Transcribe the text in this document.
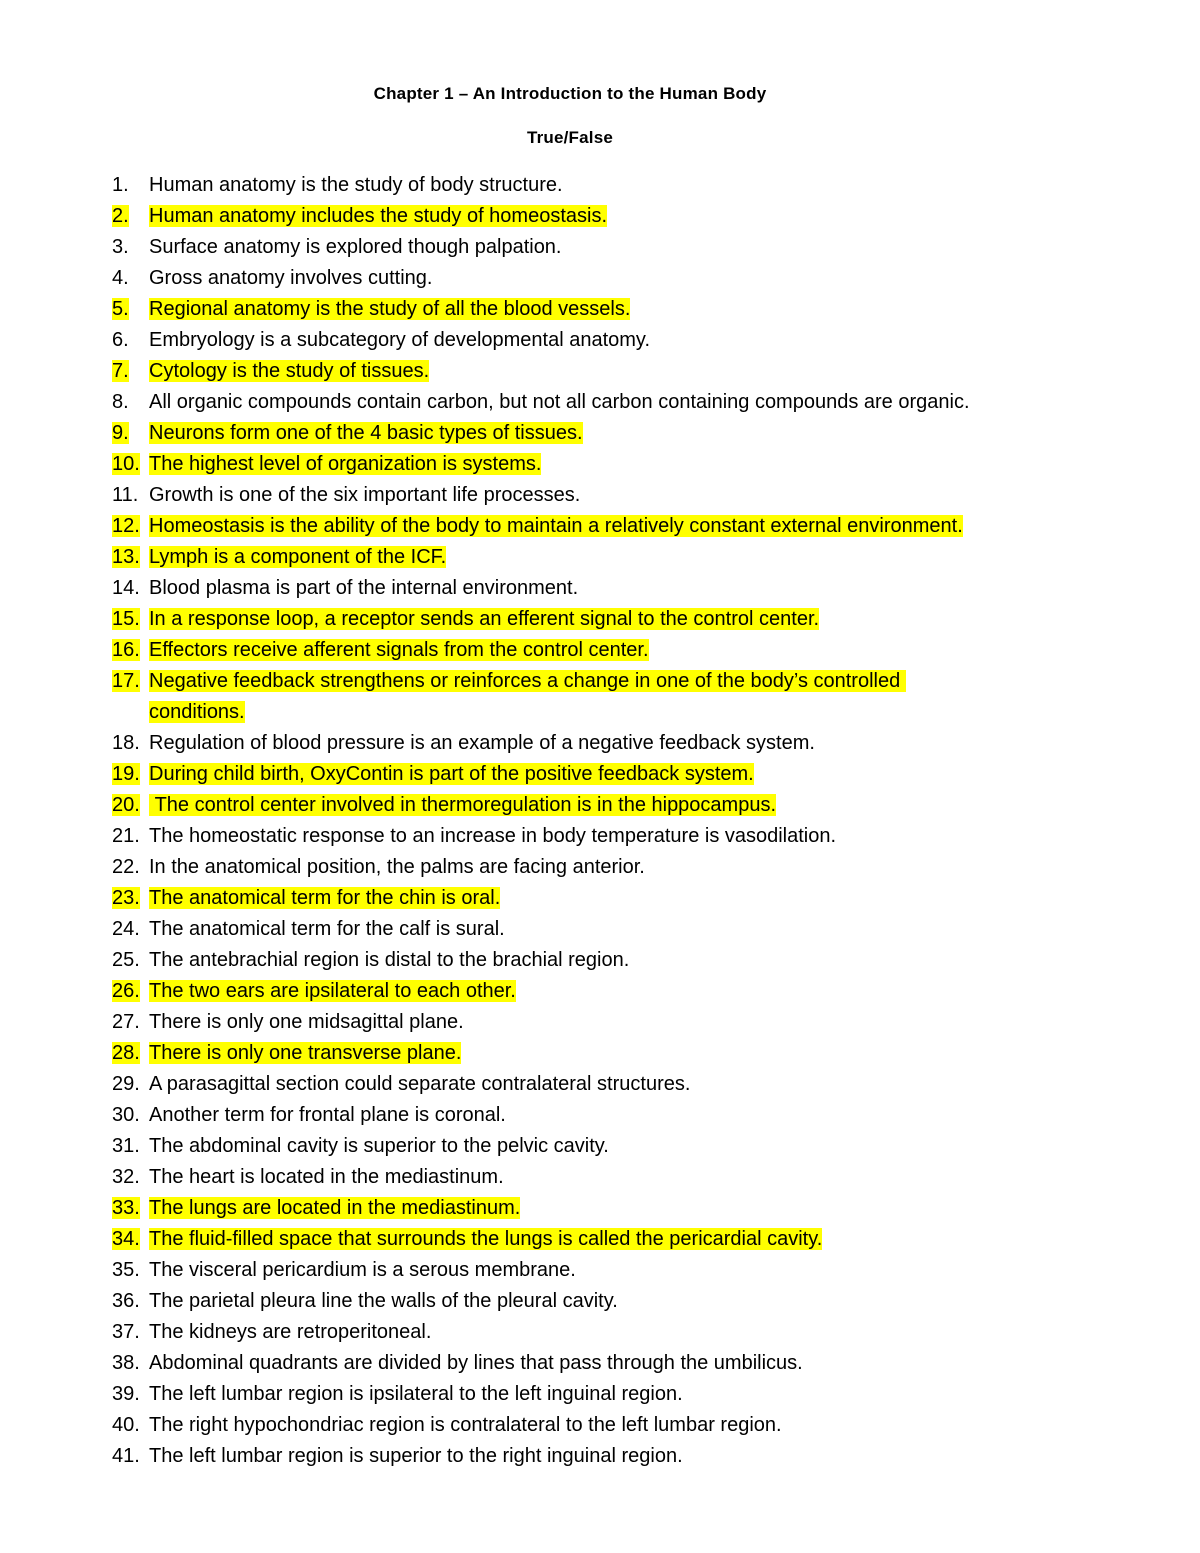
Chapter 1 – An Introduction to the Human Body
True/False
1.	Human anatomy is the study of body structure.
2.	Human anatomy includes the study of homeostasis.
3.	Surface anatomy is explored though palpation.
4.	Gross anatomy involves cutting.
5.	Regional anatomy is the study of all the blood vessels.
6.	Embryology is a subcategory of developmental anatomy.
7.	Cytology is the study of tissues.
8.	All organic compounds contain carbon, but not all carbon containing compounds are organic.
9.	Neurons form one of the 4 basic types of tissues.
10. The highest level of organization is systems.
11. Growth is one of the six important life processes.
12. Homeostasis is the ability of the body to maintain a relatively constant external environment.
13. Lymph is a component of the ICF.
14. Blood plasma is part of the internal environment.
15. In a response loop, a receptor sends an efferent signal to the control center.
16. Effectors receive afferent signals from the control center.
17. Negative feedback strengthens or reinforces a change in one of the body’s controlled conditions.
18. Regulation of blood pressure is an example of a negative feedback system.
19. During child birth, OxyContin is part of the positive feedback system.
20. The control center involved in thermoregulation is in the hippocampus.
21. The homeostatic response to an increase in body temperature is vasodilation.
22. In the anatomical position, the palms are facing anterior.
23. The anatomical term for the chin is oral.
24. The anatomical term for the calf is sural.
25. The antebrachial region is distal to the brachial region.
26. The two ears are ipsilateral to each other.
27. There is only one midsagittal plane.
28. There is only one transverse plane.
29. A parasagittal section could separate contralateral structures.
30. Another term for frontal plane is coronal.
31. The abdominal cavity is superior to the pelvic cavity.
32. The heart is located in the mediastinum.
33. The lungs are located in the mediastinum.
34. The fluid-filled space that surrounds the lungs is called the pericardial cavity.
35. The visceral pericardium is a serous membrane.
36. The parietal pleura line the walls of the pleural cavity.
37. The kidneys are retroperitoneal.
38. Abdominal quadrants are divided by lines that pass through the umbilicus.
39. The left lumbar region is ipsilateral to the left inguinal region.
40. The right hypochondriac region is contralateral to the left lumbar region.
41. The left lumbar region is superior to the right inguinal region.
